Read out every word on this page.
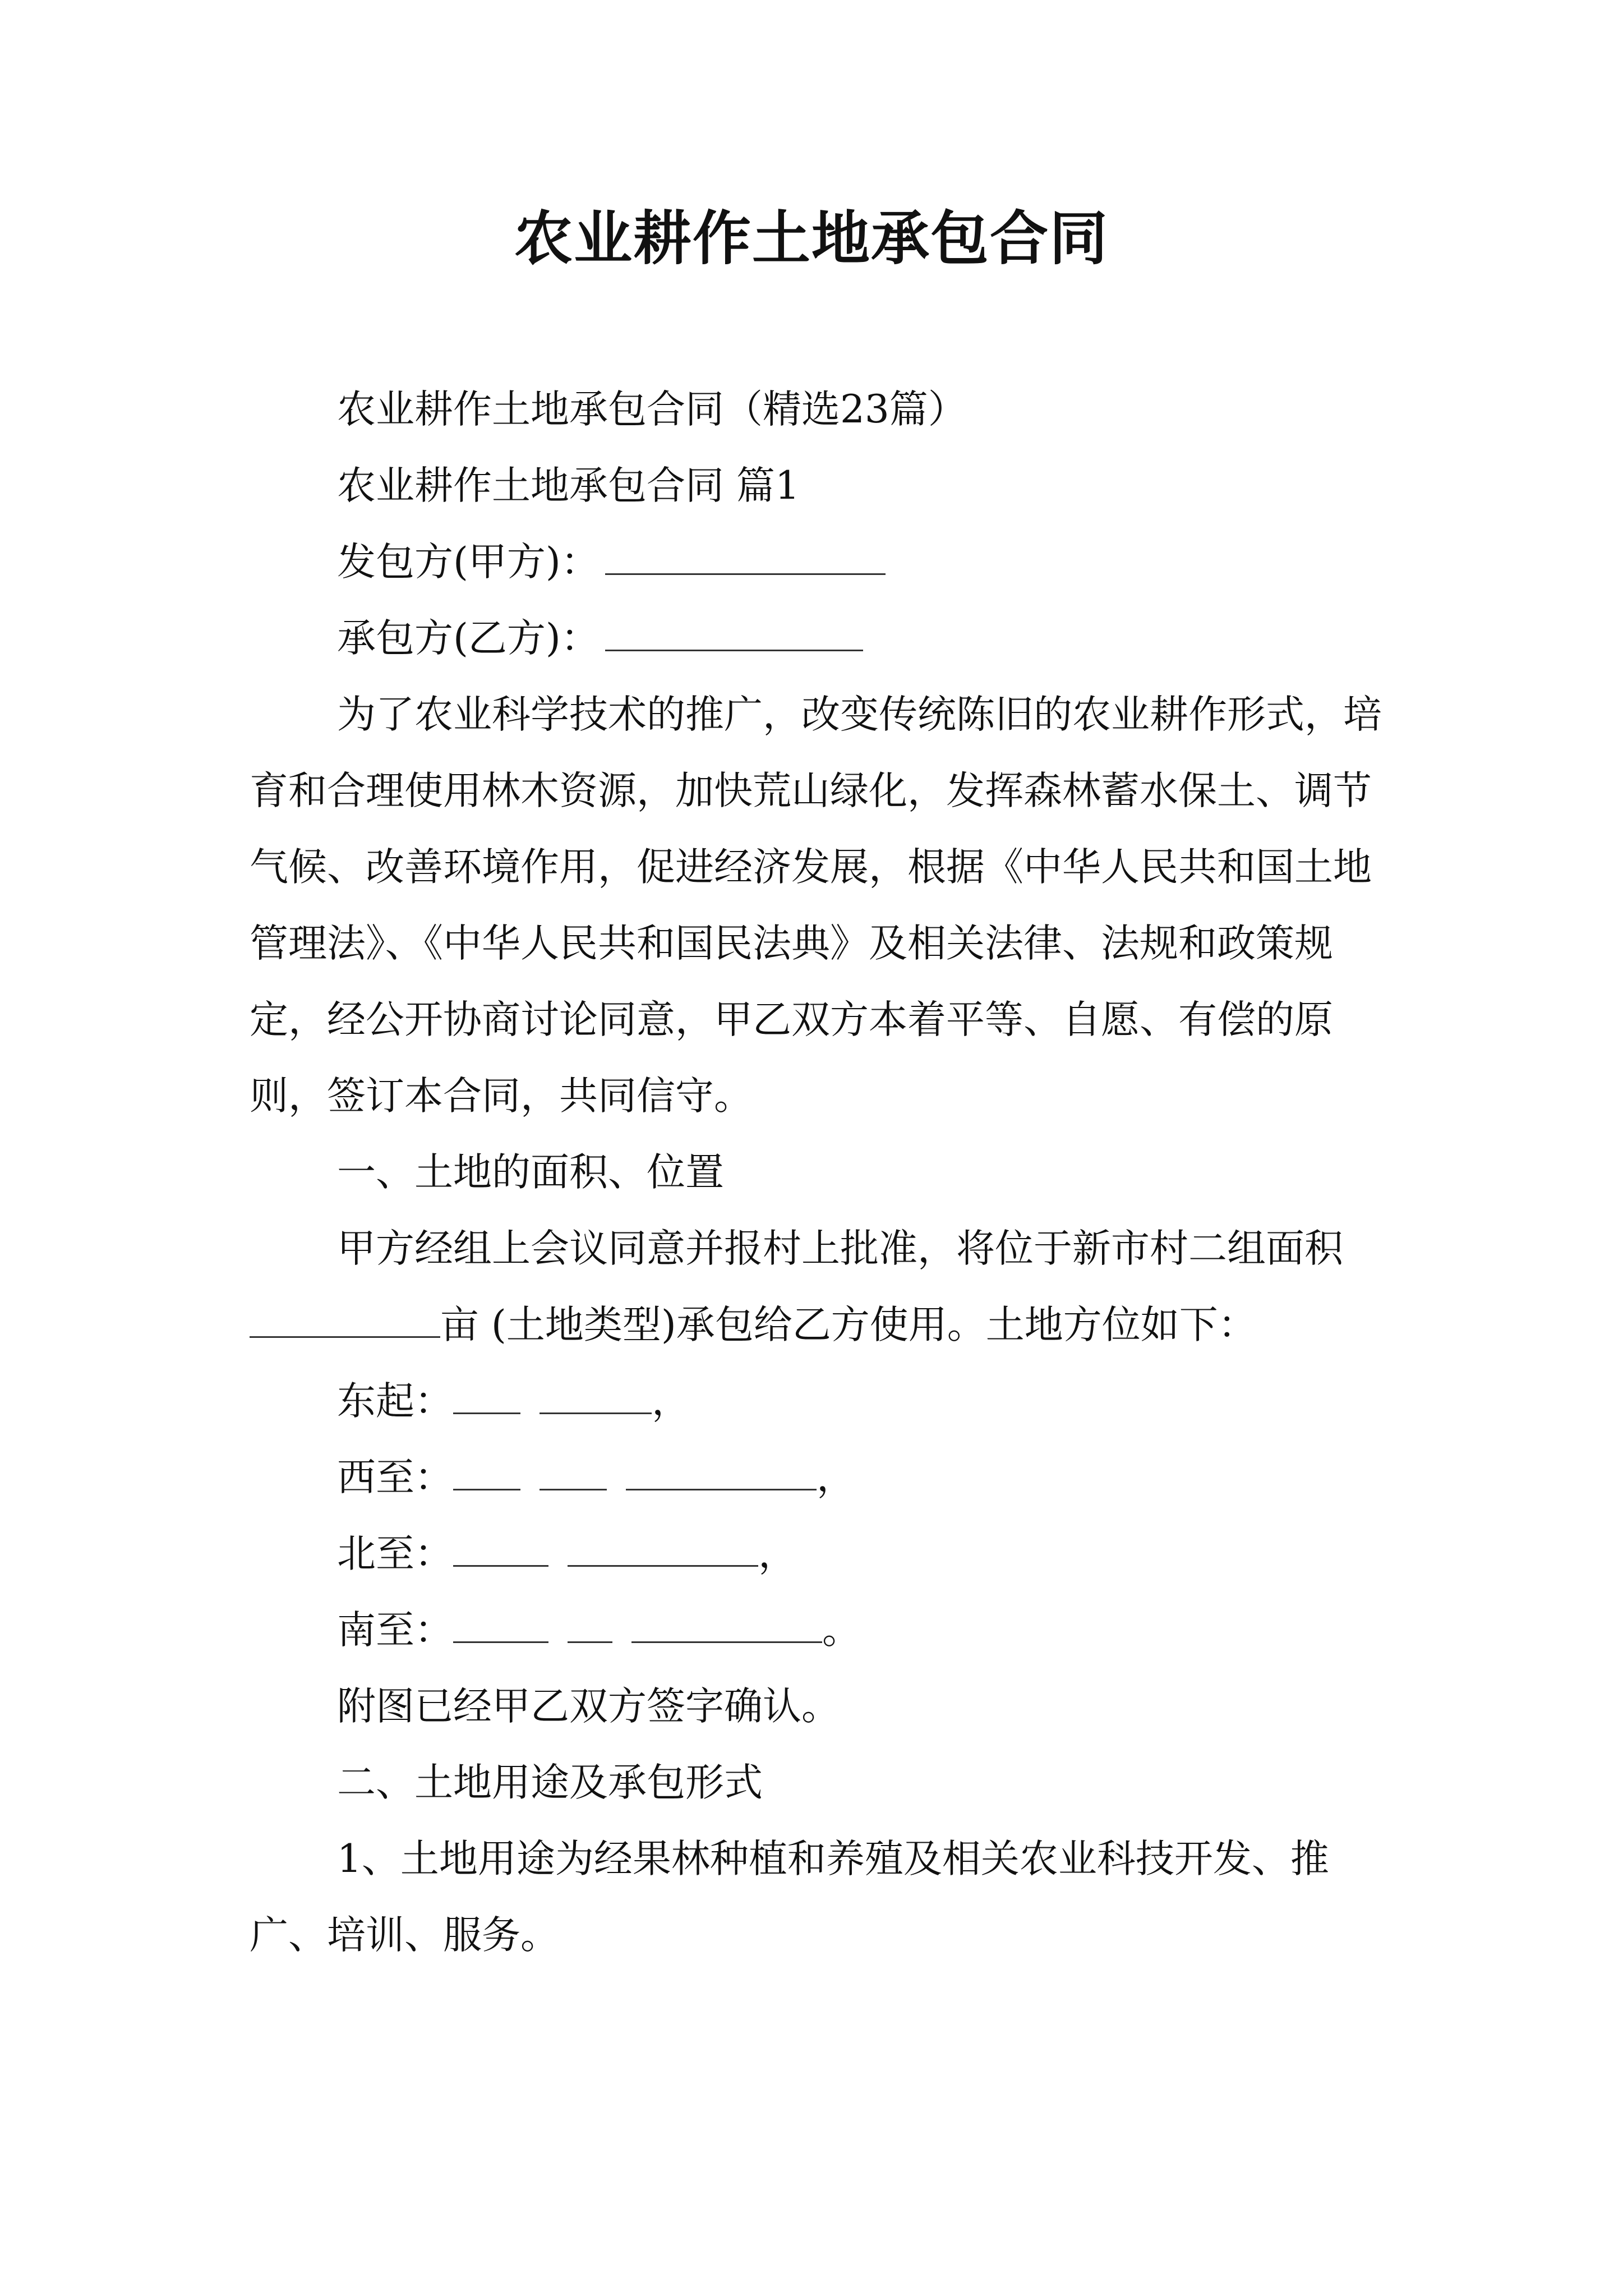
农业耕作土地承包合同

农业耕作土地承包合同（精选23篇）

农业耕作土地承包合同 篇1

发包方(甲方)：

承包方(乙方)：

为了农业科学技术的推广，改变传统陈旧的农业耕作形式，培育和合理使用林木资源，加快荒山绿化，发挥森林蓄水保土、调节气候、改善环境作用，促进经济发展，根据《中华人民共和国土地管理法》、《中华人民共和国民法典》及相关法律、法规和政策规定，经公开协商讨论同意，甲乙双方本着平等、自愿、有偿的原则，签订本合同，共同信守。

一、土地的面积、位置

甲方经组上会议同意并报村上批准，将位于新市村二组面积亩 (土地类型)承包给乙方使用。土地方位如下：

东起：	，

西至：	，

北至：	，

南至：	。

附图已经甲乙双方签字确认。

二、土地用途及承包形式

1、土地用途为经果林种植和养殖及相关农业科技开发、推广、培训、服务。
